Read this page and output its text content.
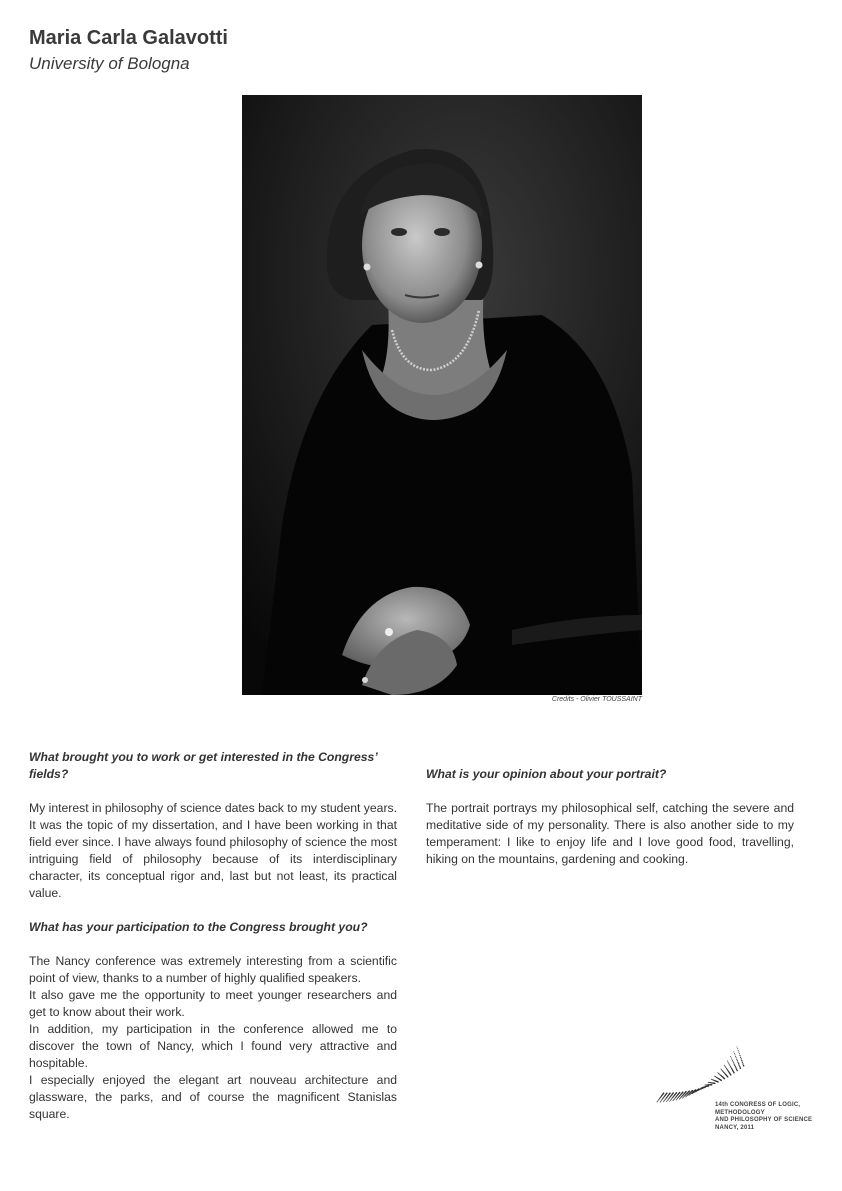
Maria Carla Galavotti
University of Bologna
Credits - Olivier TOUSSAINT
What brought you to work or get interested in the Congress’ fields?
My interest in philosophy of science dates back to my student years. It was the topic of my dissertation, and I have been working in that field ever since. I have always found philosophy of science the most intriguing field of philosophy because of its interdisciplinary character, its conceptual rigor and, last but not least, its practical value.
What has your participation to the Congress brought you?
The Nancy conference was extremely interesting from a scientific point of view, thanks to a number of highly qualified speakers.
It also gave me the opportunity to meet younger researchers and get to know about their work.
In addition, my participation in the conference allowed me to discover the town of Nancy, which I found very attractive and hospitable.
I especially enjoyed the elegant art nouveau architecture and glassware, the parks, and of course the magnificent Stanislas square.
What is your opinion about your portrait?
The portrait portrays my philosophical self, catching the severe and meditative side of my personality. There is also another side to my temperament: I like to enjoy life and I love good food, travelling, hiking on the mountains, gardening and cooking.
14th CONGRESS OF LOGIC,
METHODOLOGY
AND PHILOSOPHY OF SCIENCE
NANCY, 2011
